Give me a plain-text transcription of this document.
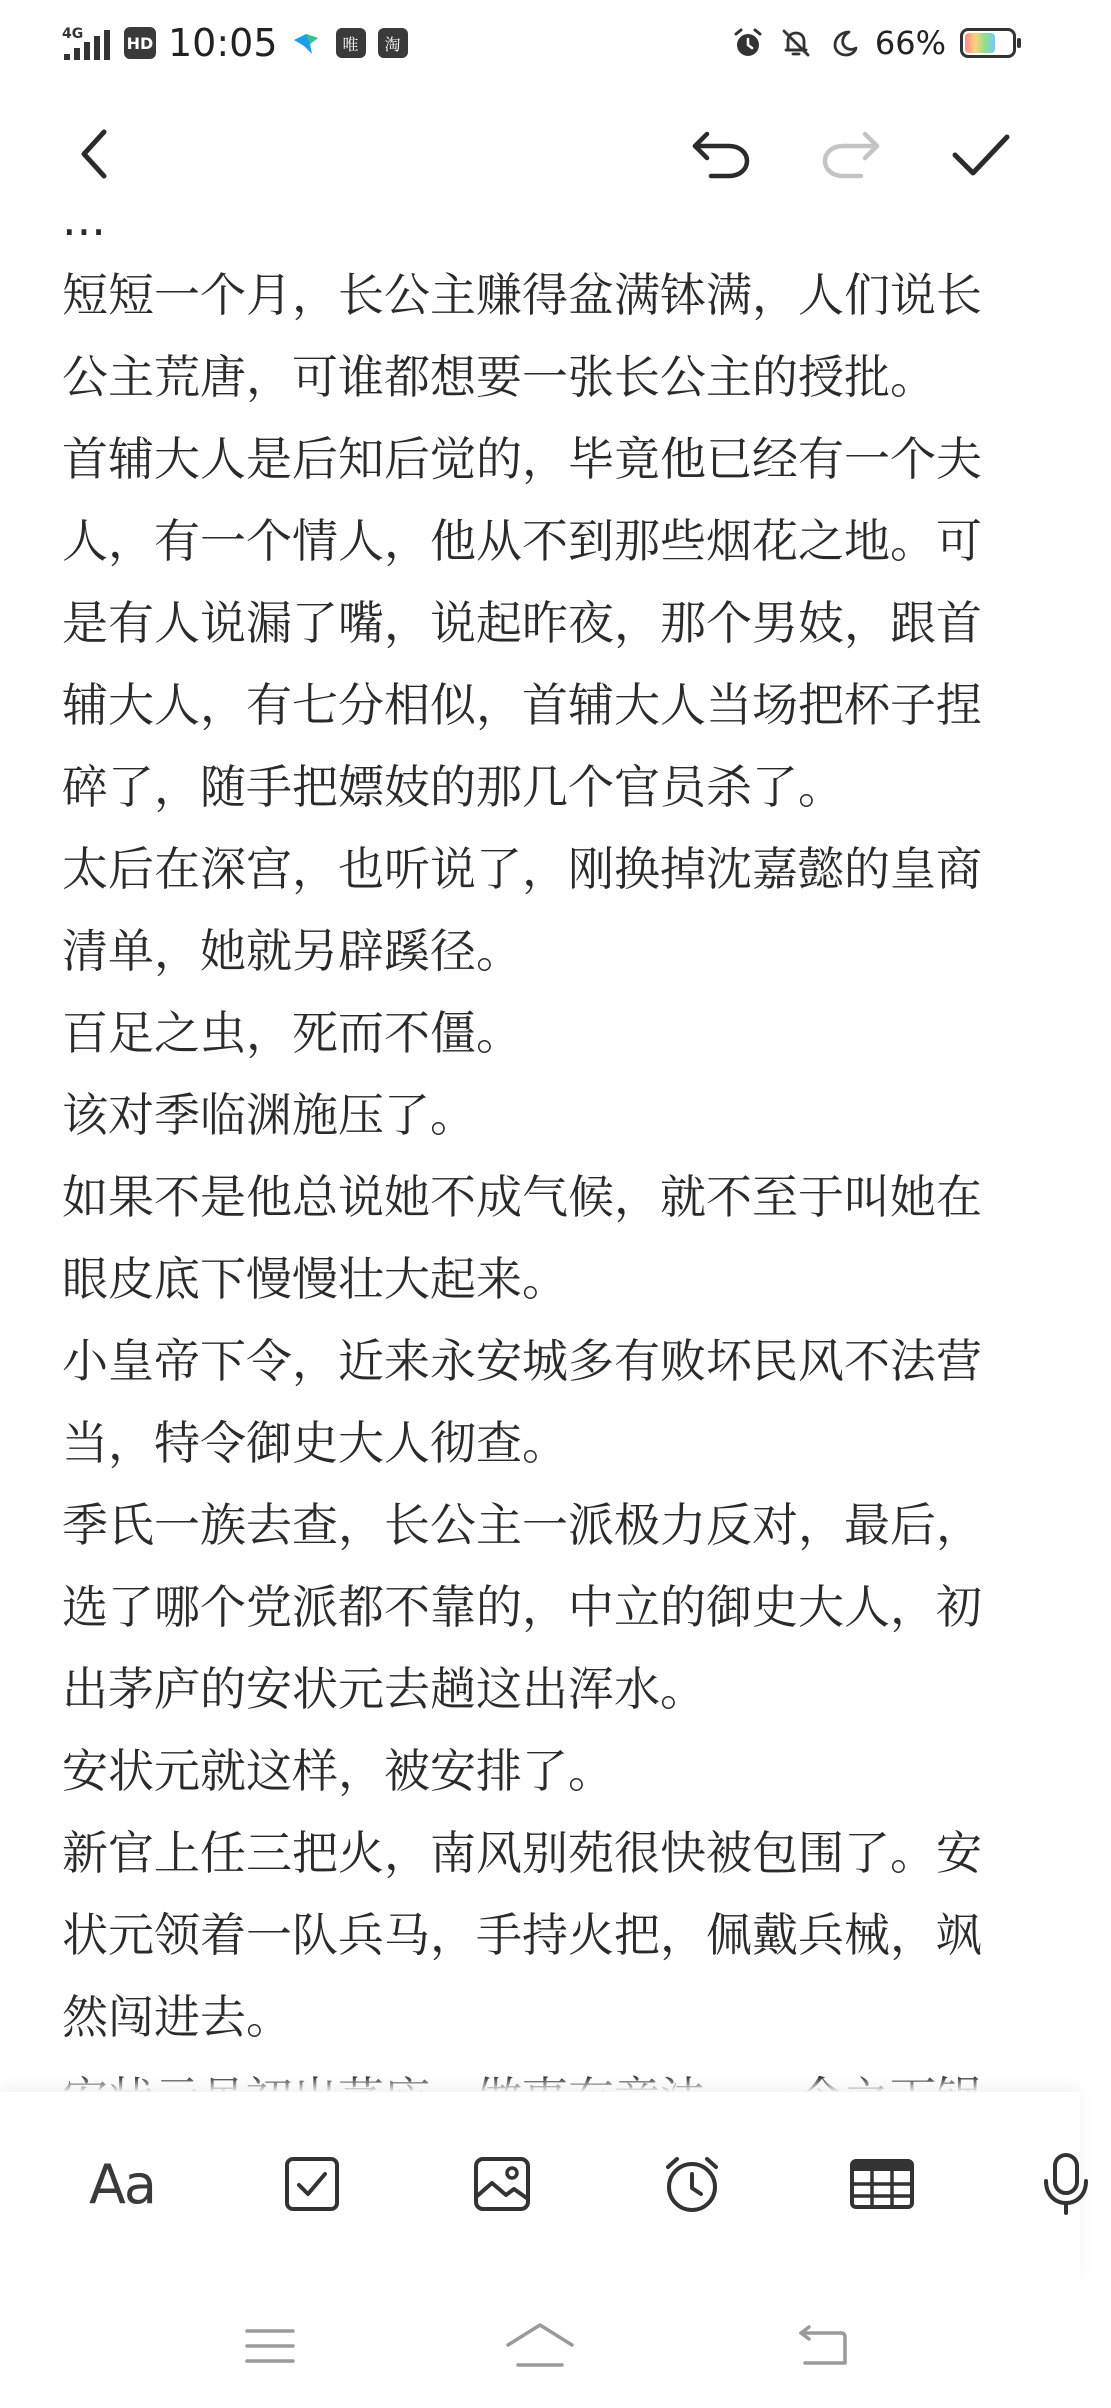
4G	HD 10:05	唯	淘	66%
...

短短一个月，长公主赚得盆满钵满，人们说长公主荒唐，可谁都想要一张长公主的授批。

首辅大人是后知后觉的，毕竟他已经有一个夫人，有一个情人，他从不到那些烟花之地。可是有人说漏了嘴，说起昨夜，那个男妓，跟首辅大人，有七分相似，首辅大人当场把杯子捏碎了，随手把嫖妓的那几个官员杀了。

太后在深宫，也听说了，刚换掉沈嘉懿的皇商清单，她就另辟蹊径。

百足之虫，死而不僵。

该对季临渊施压了。

如果不是他总说她不成气候，就不至于叫她在眼皮底下慢慢壮大起来。

小皇帝下令，近来永安城多有败坏民风不法营当，特令御史大人彻查。

季氏一族去查，长公主一派极力反对，最后，选了哪个党派都不靠的，中立的御史大人，初出茅庐的安状元去趟这出浑水。

安状元就这样，被安排了。

新官上任三把火，南风别苑很快被包围了。安状元领着一队兵马，手持火把，佩戴兵械，飒然闯进去。

Aa
